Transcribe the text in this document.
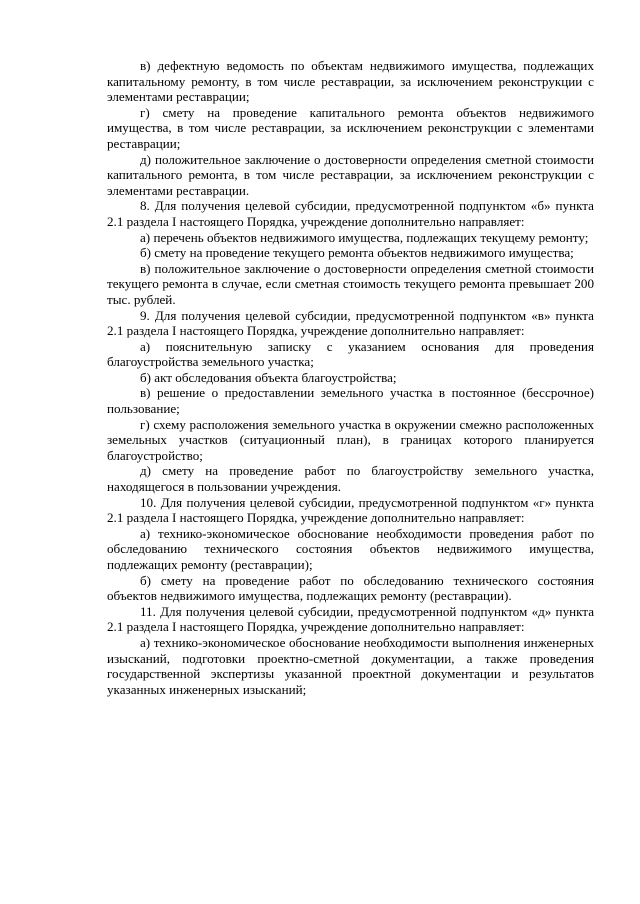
в) дефектную ведомость по объектам недвижимого имущества, подлежащих капитальному ремонту, в том числе реставрации, за исключением реконструкции с элементами реставрации;

г) смету на проведение капитального ремонта объектов недвижимого имущества, в том числе реставрации, за исключением реконструкции с элементами реставрации;

д) положительное заключение о достоверности определения сметной стоимости капитального ремонта, в том числе реставрации, за исключением реконструкции с элементами реставрации.

8. Для получения целевой субсидии, предусмотренной подпунктом «б» пункта 2.1 раздела I настоящего Порядка, учреждение дополнительно направляет:

а) перечень объектов недвижимого имущества, подлежащих текущему ремонту;

б) смету на проведение текущего ремонта объектов недвижимого имущества;

в) положительное заключение о достоверности определения сметной стоимости текущего ремонта в случае, если сметная стоимость текущего ремонта превышает 200 тыс. рублей.

9. Для получения целевой субсидии, предусмотренной подпунктом «в» пункта 2.1 раздела I настоящего Порядка, учреждение дополнительно направляет:

а) пояснительную записку с указанием основания для проведения благоустройства земельного участка;

б) акт обследования объекта благоустройства;

в) решение о предоставлении земельного участка в постоянное (бессрочное) пользование;

г) схему расположения земельного участка в окружении смежно расположенных земельных участков (ситуационный план), в границах которого планируется благоустройство;

д) смету на проведение работ по благоустройству земельного участка, находящегося в пользовании учреждения.

10. Для получения целевой субсидии, предусмотренной подпунктом «г» пункта 2.1 раздела I настоящего Порядка, учреждение дополнительно направляет:

а) технико-экономическое обоснование необходимости проведения работ по обследованию технического состояния объектов недвижимого имущества, подлежащих ремонту (реставрации);

б) смету на проведение работ по обследованию технического состояния объектов недвижимого имущества, подлежащих ремонту (реставрации).

11. Для получения целевой субсидии, предусмотренной подпунктом «д» пункта 2.1 раздела I настоящего Порядка, учреждение дополнительно направляет:

а) технико-экономическое обоснование необходимости выполнения инженерных изысканий, подготовки проектно-сметной документации, а также проведения государственной экспертизы указанной проектной документации и результатов указанных инженерных изысканий;
